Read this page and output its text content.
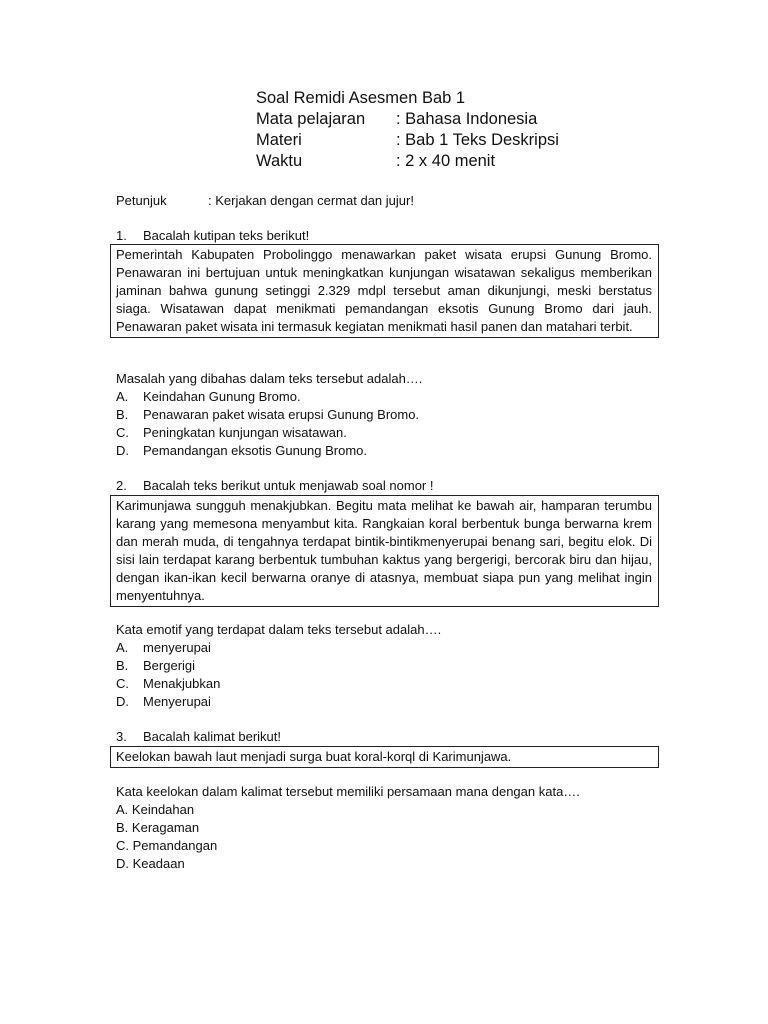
Soal Remidi Asesmen Bab 1
Mata pelajaran	: Bahasa Indonesia
Materi	: Bab 1 Teks Deskripsi
Waktu	: 2 x 40 menit
Petunjuk	: Kerjakan dengan cermat dan jujur!
1.	Bacalah kutipan teks berikut!
Pemerintah Kabupaten Probolinggo menawarkan paket wisata erupsi Gunung Bromo. Penawaran ini bertujuan untuk meningkatkan kunjungan wisatawan sekaligus memberikan jaminan bahwa gunung setinggi 2.329 mdpl tersebut aman dikunjungi, meski berstatus siaga. Wisatawan dapat menikmati pemandangan eksotis Gunung Bromo dari jauh. Penawaran paket wisata ini termasuk kegiatan menikmati hasil panen dan matahari terbit.
Masalah yang dibahas dalam teks tersebut adalah….
A.	Keindahan Gunung Bromo.
B.	Penawaran paket wisata erupsi Gunung Bromo.
C.	Peningkatan kunjungan wisatawan.
D.	Pemandangan eksotis Gunung Bromo.
2.	Bacalah teks berikut untuk menjawab soal nomor !
Karimunjawa sungguh menakjubkan. Begitu mata melihat ke bawah air, hamparan terumbu karang yang memesona menyambut kita. Rangkaian koral berbentuk bunga berwarna krem dan merah muda, di tengahnya terdapat bintik-bintikmenyerupai benang sari, begitu elok. Di sisi lain terdapat karang berbentuk tumbuhan kaktus yang bergerigi, bercorak biru dan hijau, dengan ikan-ikan kecil berwarna oranye di atasnya, membuat siapa pun yang melihat ingin menyentuhnya.
Kata emotif yang terdapat dalam teks tersebut adalah….
A.	menyerupai
B.	Bergerigi
C.	Menakjubkan
D.	Menyerupai
3.	Bacalah kalimat berikut!
Keelokan bawah laut menjadi surga buat koral-korql di Karimunjawa.
Kata keelokan dalam kalimat tersebut memiliki persamaan mana dengan kata….
A. Keindahan
B. Keragaman
C. Pemandangan
D. Keadaan
